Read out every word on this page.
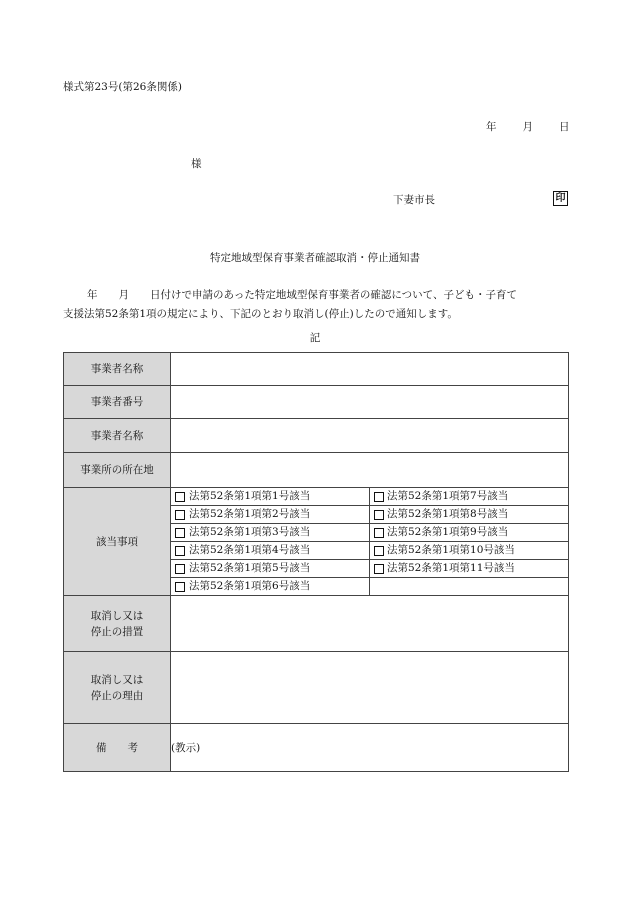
様式第23号(第26条関係)
年 月 日
様
下妻市長	印
特定地域型保育事業者確認取消・停止通知書
年　　月　　日付けで申請のあった特定地域型保育事業者の確認について、子ども・子育て
支援法第52条第1項の規定により、下記のとおり取消し(停止)したので通知します。
記
事業者名称	
事業者番号	
事業者名称	
事業所の所在地	
該当事項	
法第52条第1項第1号該当	法第52条第1項第7号該当

法第52条第1項第2号該当	法第52条第1項第8号該当

法第52条第1項第3号該当	法第52条第1項第9号該当

法第52条第1項第4号該当	法第52条第1項第10号該当

法第52条第1項第5号該当	法第52条第1項第11号該当

法第52条第1項第6号該当	

取消し又は
停止の措置

取消し又は
停止の理由

備　　考	(教示)
